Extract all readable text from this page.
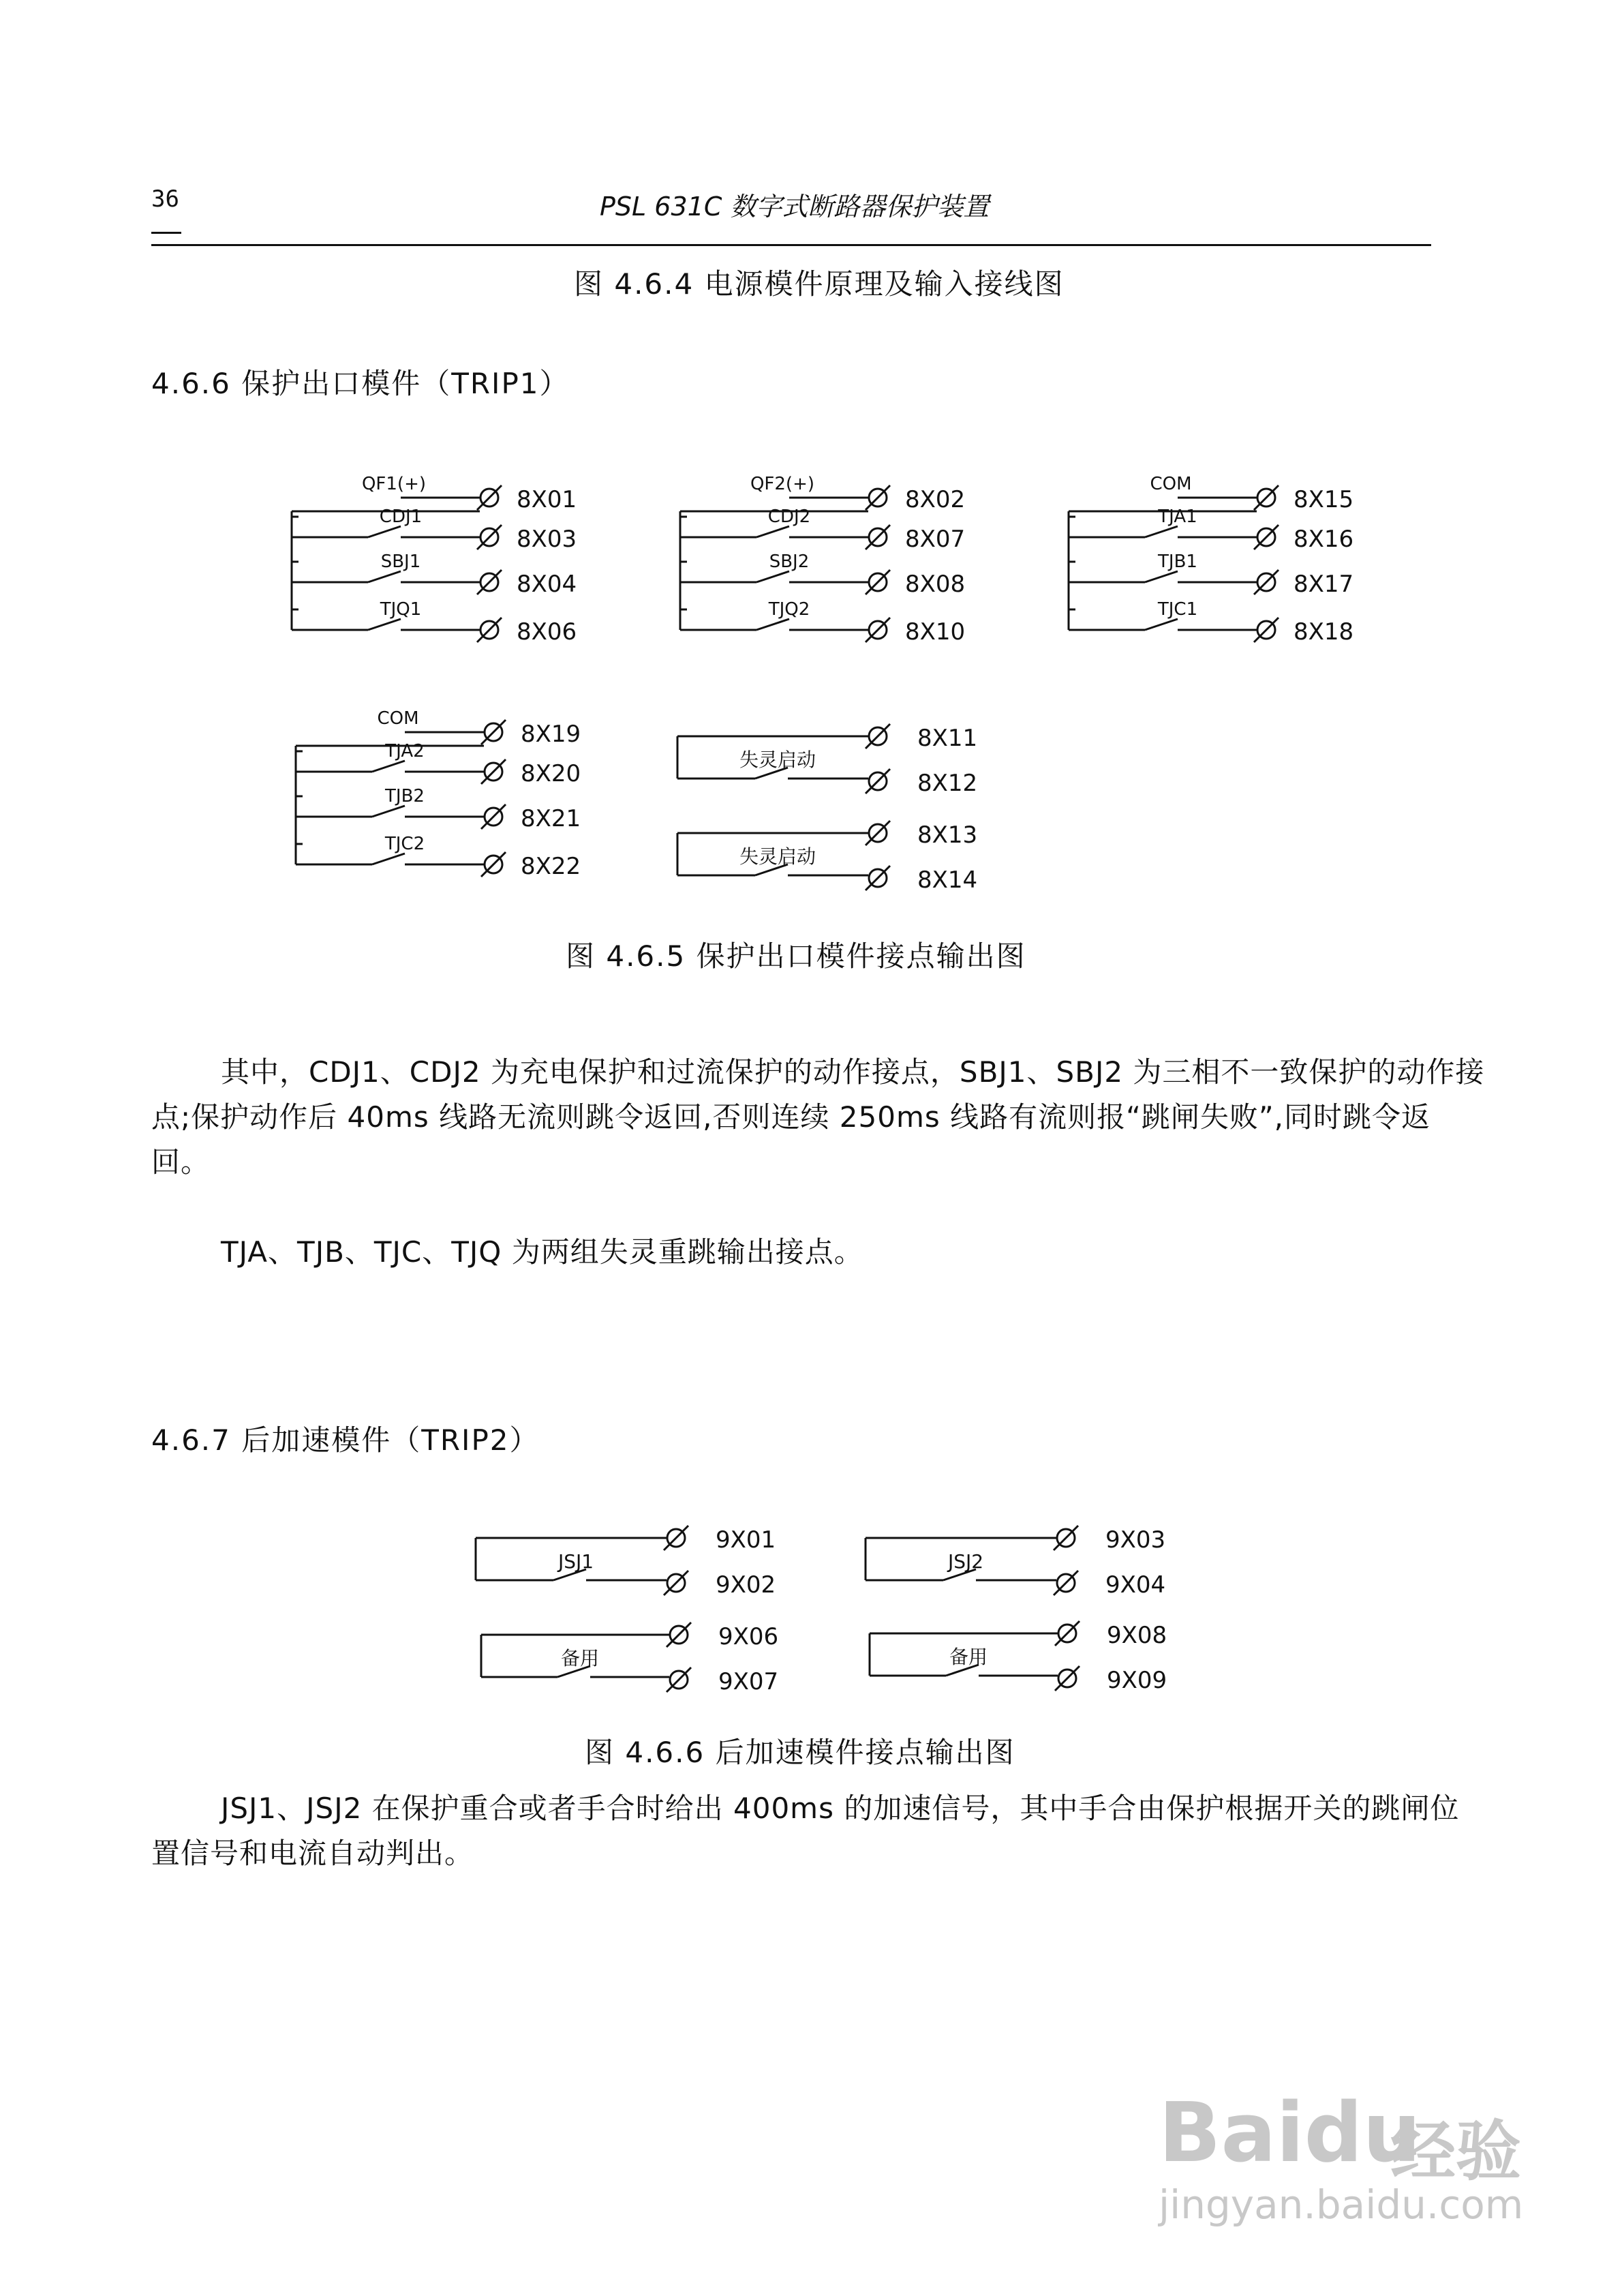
36	PSL 631C 数字式断路器保护装置
图 4.6.4 电源模件原理及输入接线图
4.6.6 保护出口模件（TRIP1）
QF1(+)
8X01
CDJ1
8X03
SBJ1
8X04
TJQ1
8X06
QF2(+)
8X02
CDJ2
8X07
SBJ2
8X08
TJQ2
8X10
COM
8X15
TJA1
8X16
TJB1
8X17
TJC1
8X18
COM
8X19
TJA2
8X20
TJB2
8X21
TJC2
8X22
失灵启动
8X11
8X12
失灵启动
8X13
8X14
JSJ1
9X01
9X02
JSJ2
9X03
9X04
备用
9X06
9X07
备用
9X08
9X09
图 4.6.5 保护出口模件接点输出图
其中，CDJ1、CDJ2 为充电保护和过流保护的动作接点，SBJ1、SBJ2 为三相不一致保护的动作接点;保护动作后 40ms 线路无流则跳令返回,否则连续 250ms 线路有流则报“跳闸失败”,同时跳令返回。
TJA、TJB、TJC、TJQ 为两组失灵重跳输出接点。
4.6.7 后加速模件（TRIP2）
图 4.6.6 后加速模件接点输出图
JSJ1、JSJ2 在保护重合或者手合时给出 400ms 的加速信号，其中手合由保护根据开关的跳闸位置信号和电流自动判出。
Baidu
经验
jingyan.baidu.com
